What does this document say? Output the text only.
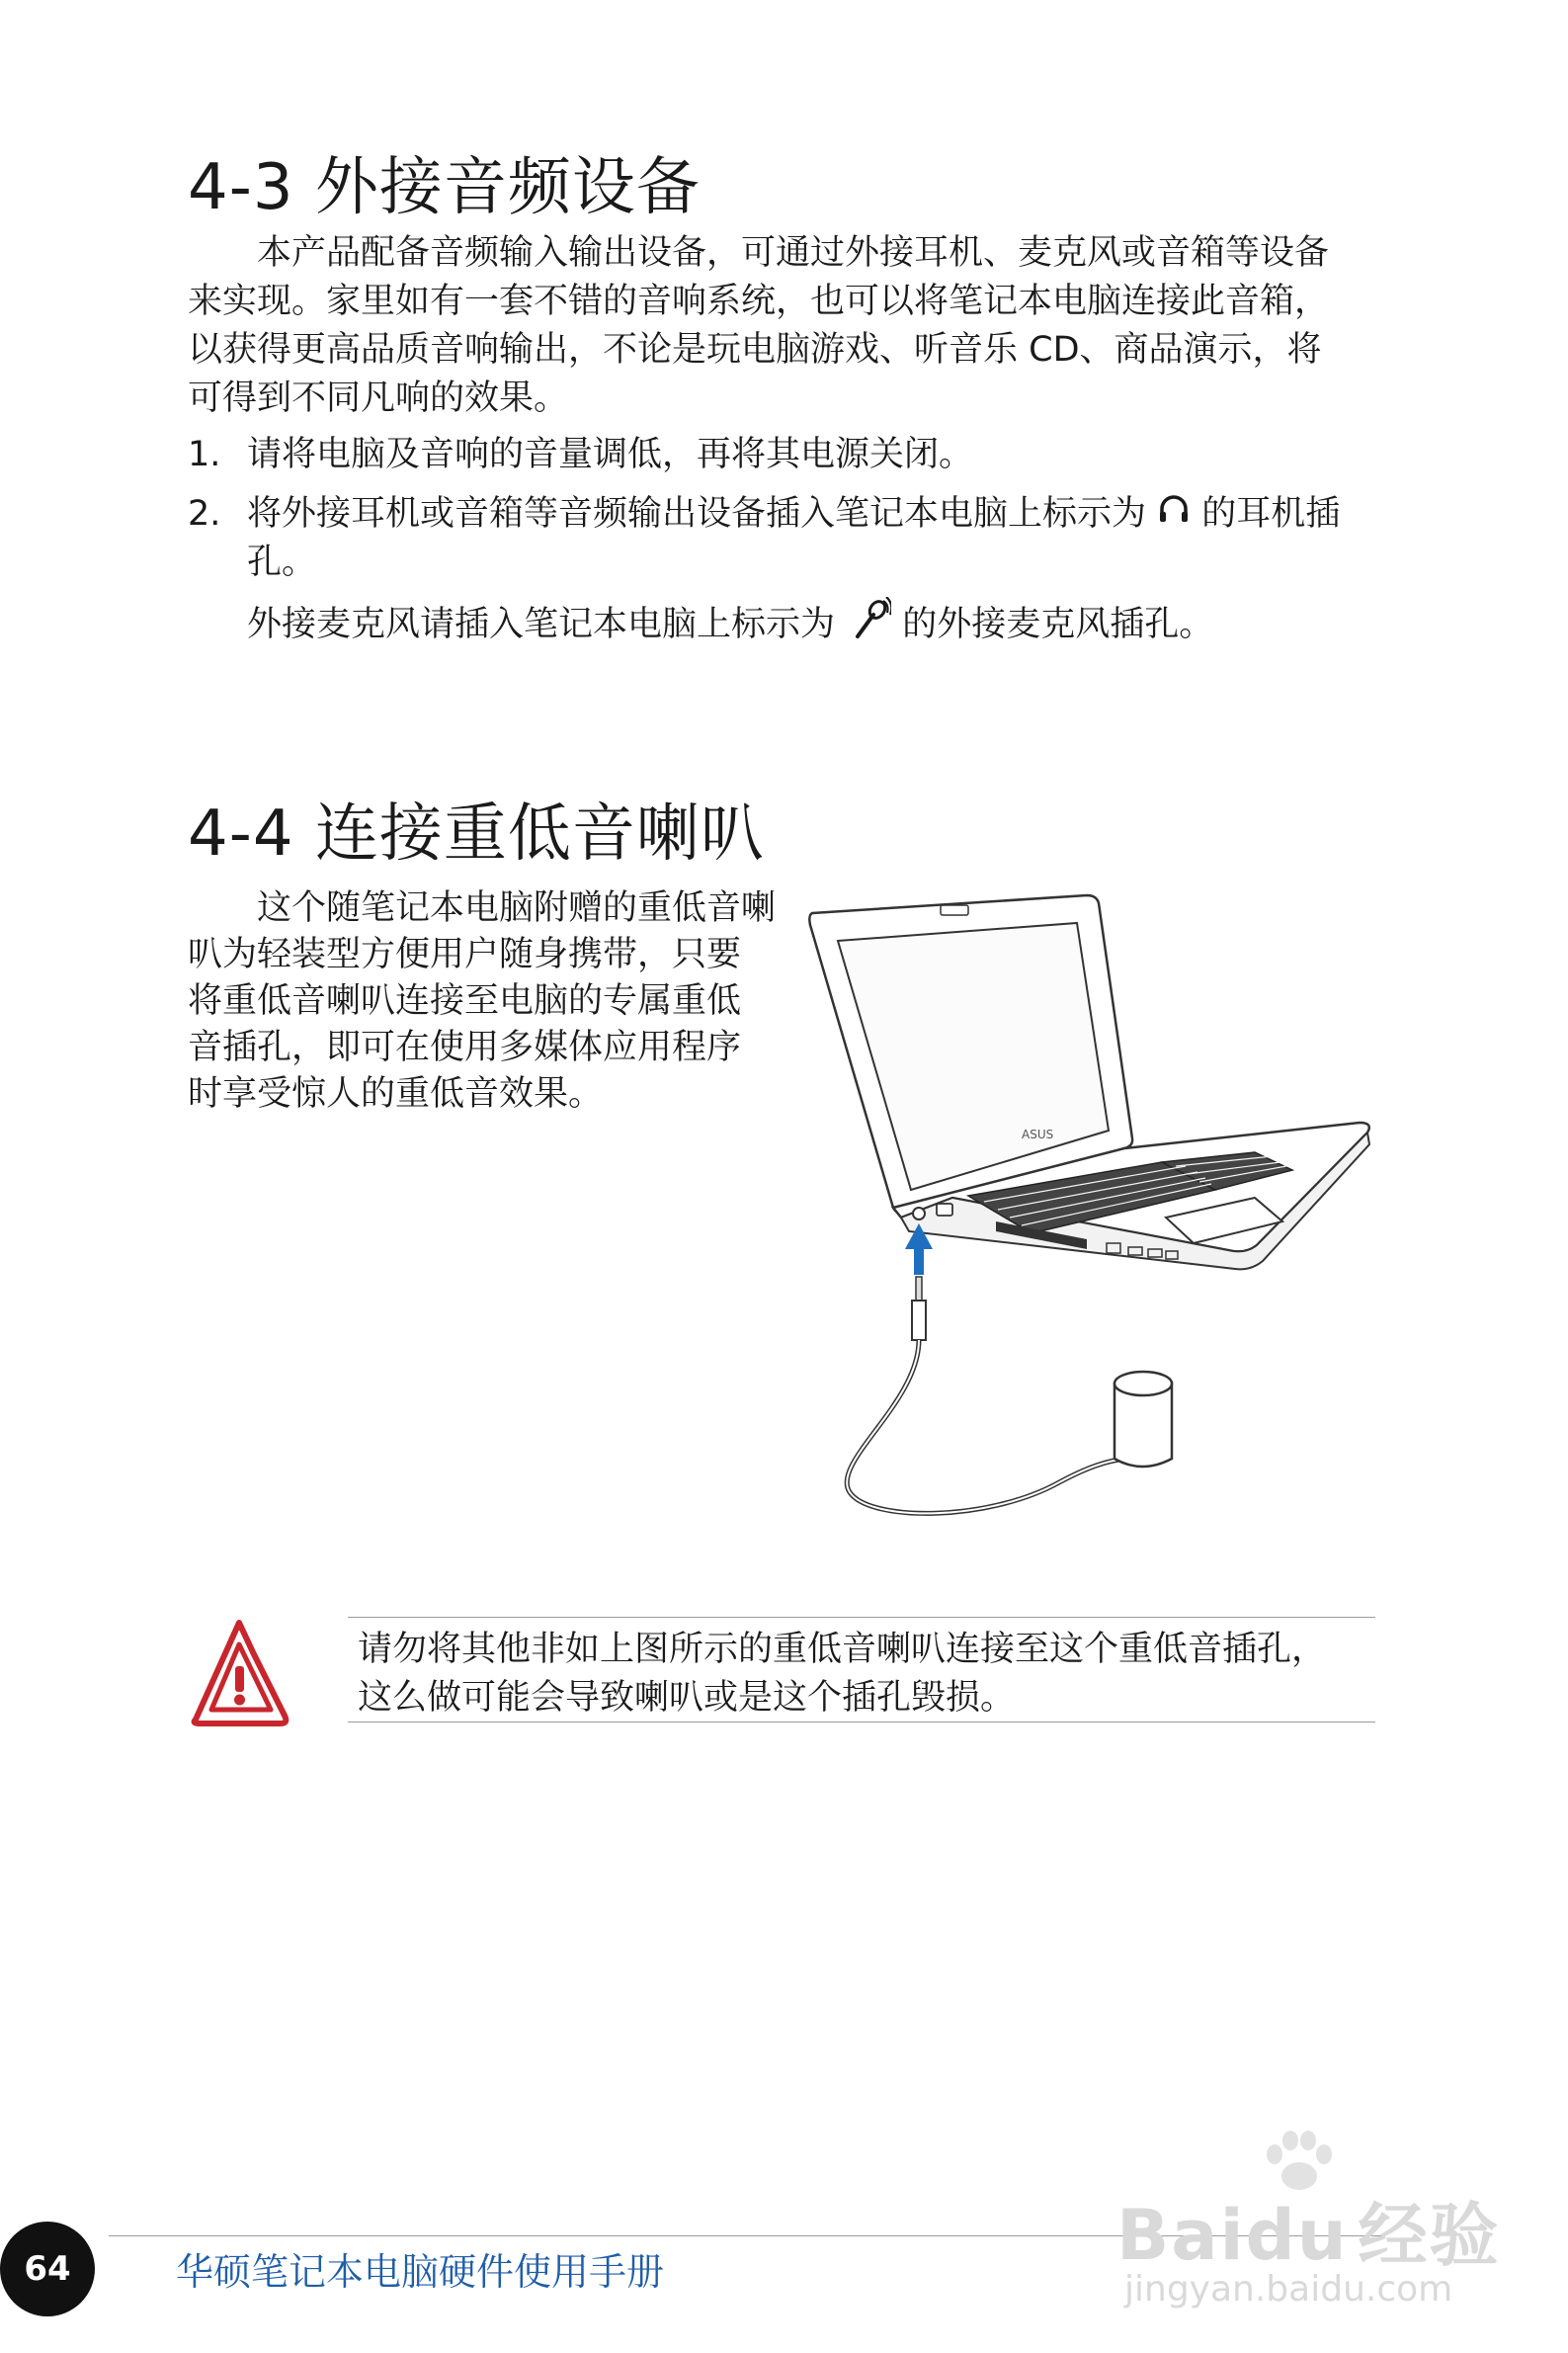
4-3 外接音频设备
本产品配备音频输入输出设备，可通过外接耳机、麦克风或音箱等设备
来实现。家里如有一套不错的音响系统，也可以将笔记本电脑连接此音箱，
以获得更高品质音响输出，不论是玩电脑游戏、听音乐 CD、商品演示，将
可得到不同凡响的效果。
1. 请将电脑及音响的音量调低，再将其电源关闭。
2. 将外接耳机或音箱等音频输出设备插入笔记本电脑上标示为  的耳机插
孔。
外接麦克风请插入笔记本电脑上标示为  的外接麦克风插孔。
4-4 连接重低音喇叭
这个随笔记本电脑附赠的重低音喇
叭为轻装型方便用户随身携带，只要
将重低音喇叭连接至电脑的专属重低
音插孔，即可在使用多媒体应用程序
时享受惊人的重低音效果。
ASUS
请勿将其他非如上图所示的重低音喇叭连接至这个重低音插孔，
这么做可能会导致喇叭或是这个插孔毁损。
64	华硕笔记本电脑硬件使用手册	Baidu 经验
jingyan.baidu.com
